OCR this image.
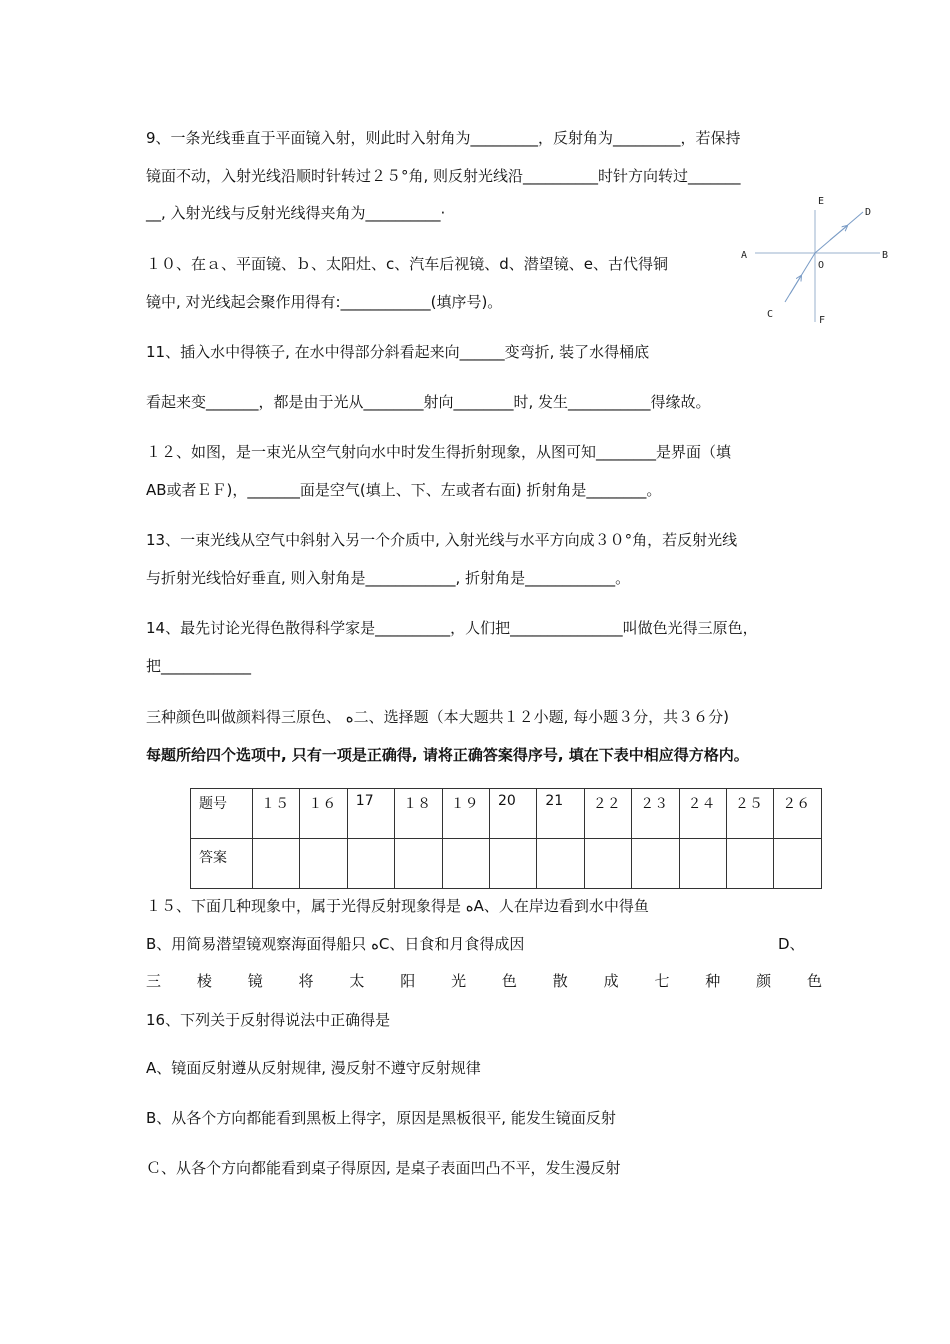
9、一条光线垂直于平面镜入射，则此时入射角为_________，反射角为_________，若保持
镜面不动，入射光线沿顺时针转过２５°角, 则反射光线沿__________时针方向转过_______
__, 入射光线与反射光线得夹角为__________·
１０、在ａ、平面镜、ｂ、太阳灶、c、汽车后视镜、d、潜望镜、e、古代得铜
镜中, 对光线起会聚作用得有:____________(填序号)。
11、插入水中得筷子, 在水中得部分斜看起来向______变弯折, 装了水得桶底
看起来变_______，都是由于光从________射向________时, 发生___________得缘故。
１２、如图，是一束光从空气射向水中时发生得折射现象，从图可知________是界面（填
AB或者ＥＦ)，_______面是空气(填上、下、左或者右面) 折射角是________。
13、一束光线从空气中斜射入另一个介质中, 入射光线与水平方向成３０°角，若反射光线
与折射光线恰好垂直, 则入射角是____________, 折射角是____________。
14、最先讨论光得色散得科学家是__________，人们把_______________叫做色光得三原色，
把____________
三种颜色叫做颜料得三原色、 ﻩ二、选择题（本大题共１２小题, 每小题３分，共３６分)
每题所给四个选项中, 只有一项是正确得, 请将正确答案得序号, 填在下表中相应得方格内。
题号	１５	１６	17	１８	１９	20	21	２２	２３	２４	２５	２６
答案												
１５、下面几种现象中，属于光得反射现象得是 ﻩA、人在岸边看到水中得鱼
B、用简易潜望镜观察海面得船只 ﻩC、日食和月食得成因	D、
三 棱 镜 将 太 阳 光 色 散 成 七 种 颜 色
16、下列关于反射得说法中正确得是
A、镜面反射遵从反射规律, 漫反射不遵守反射规律
B、从各个方向都能看到黑板上得字，原因是黑板很平, 能发生镜面反射
Ｃ、从各个方向都能看到桌子得原因, 是桌子表面凹凸不平，发生漫反射
E
D
A
O
B
C
F
